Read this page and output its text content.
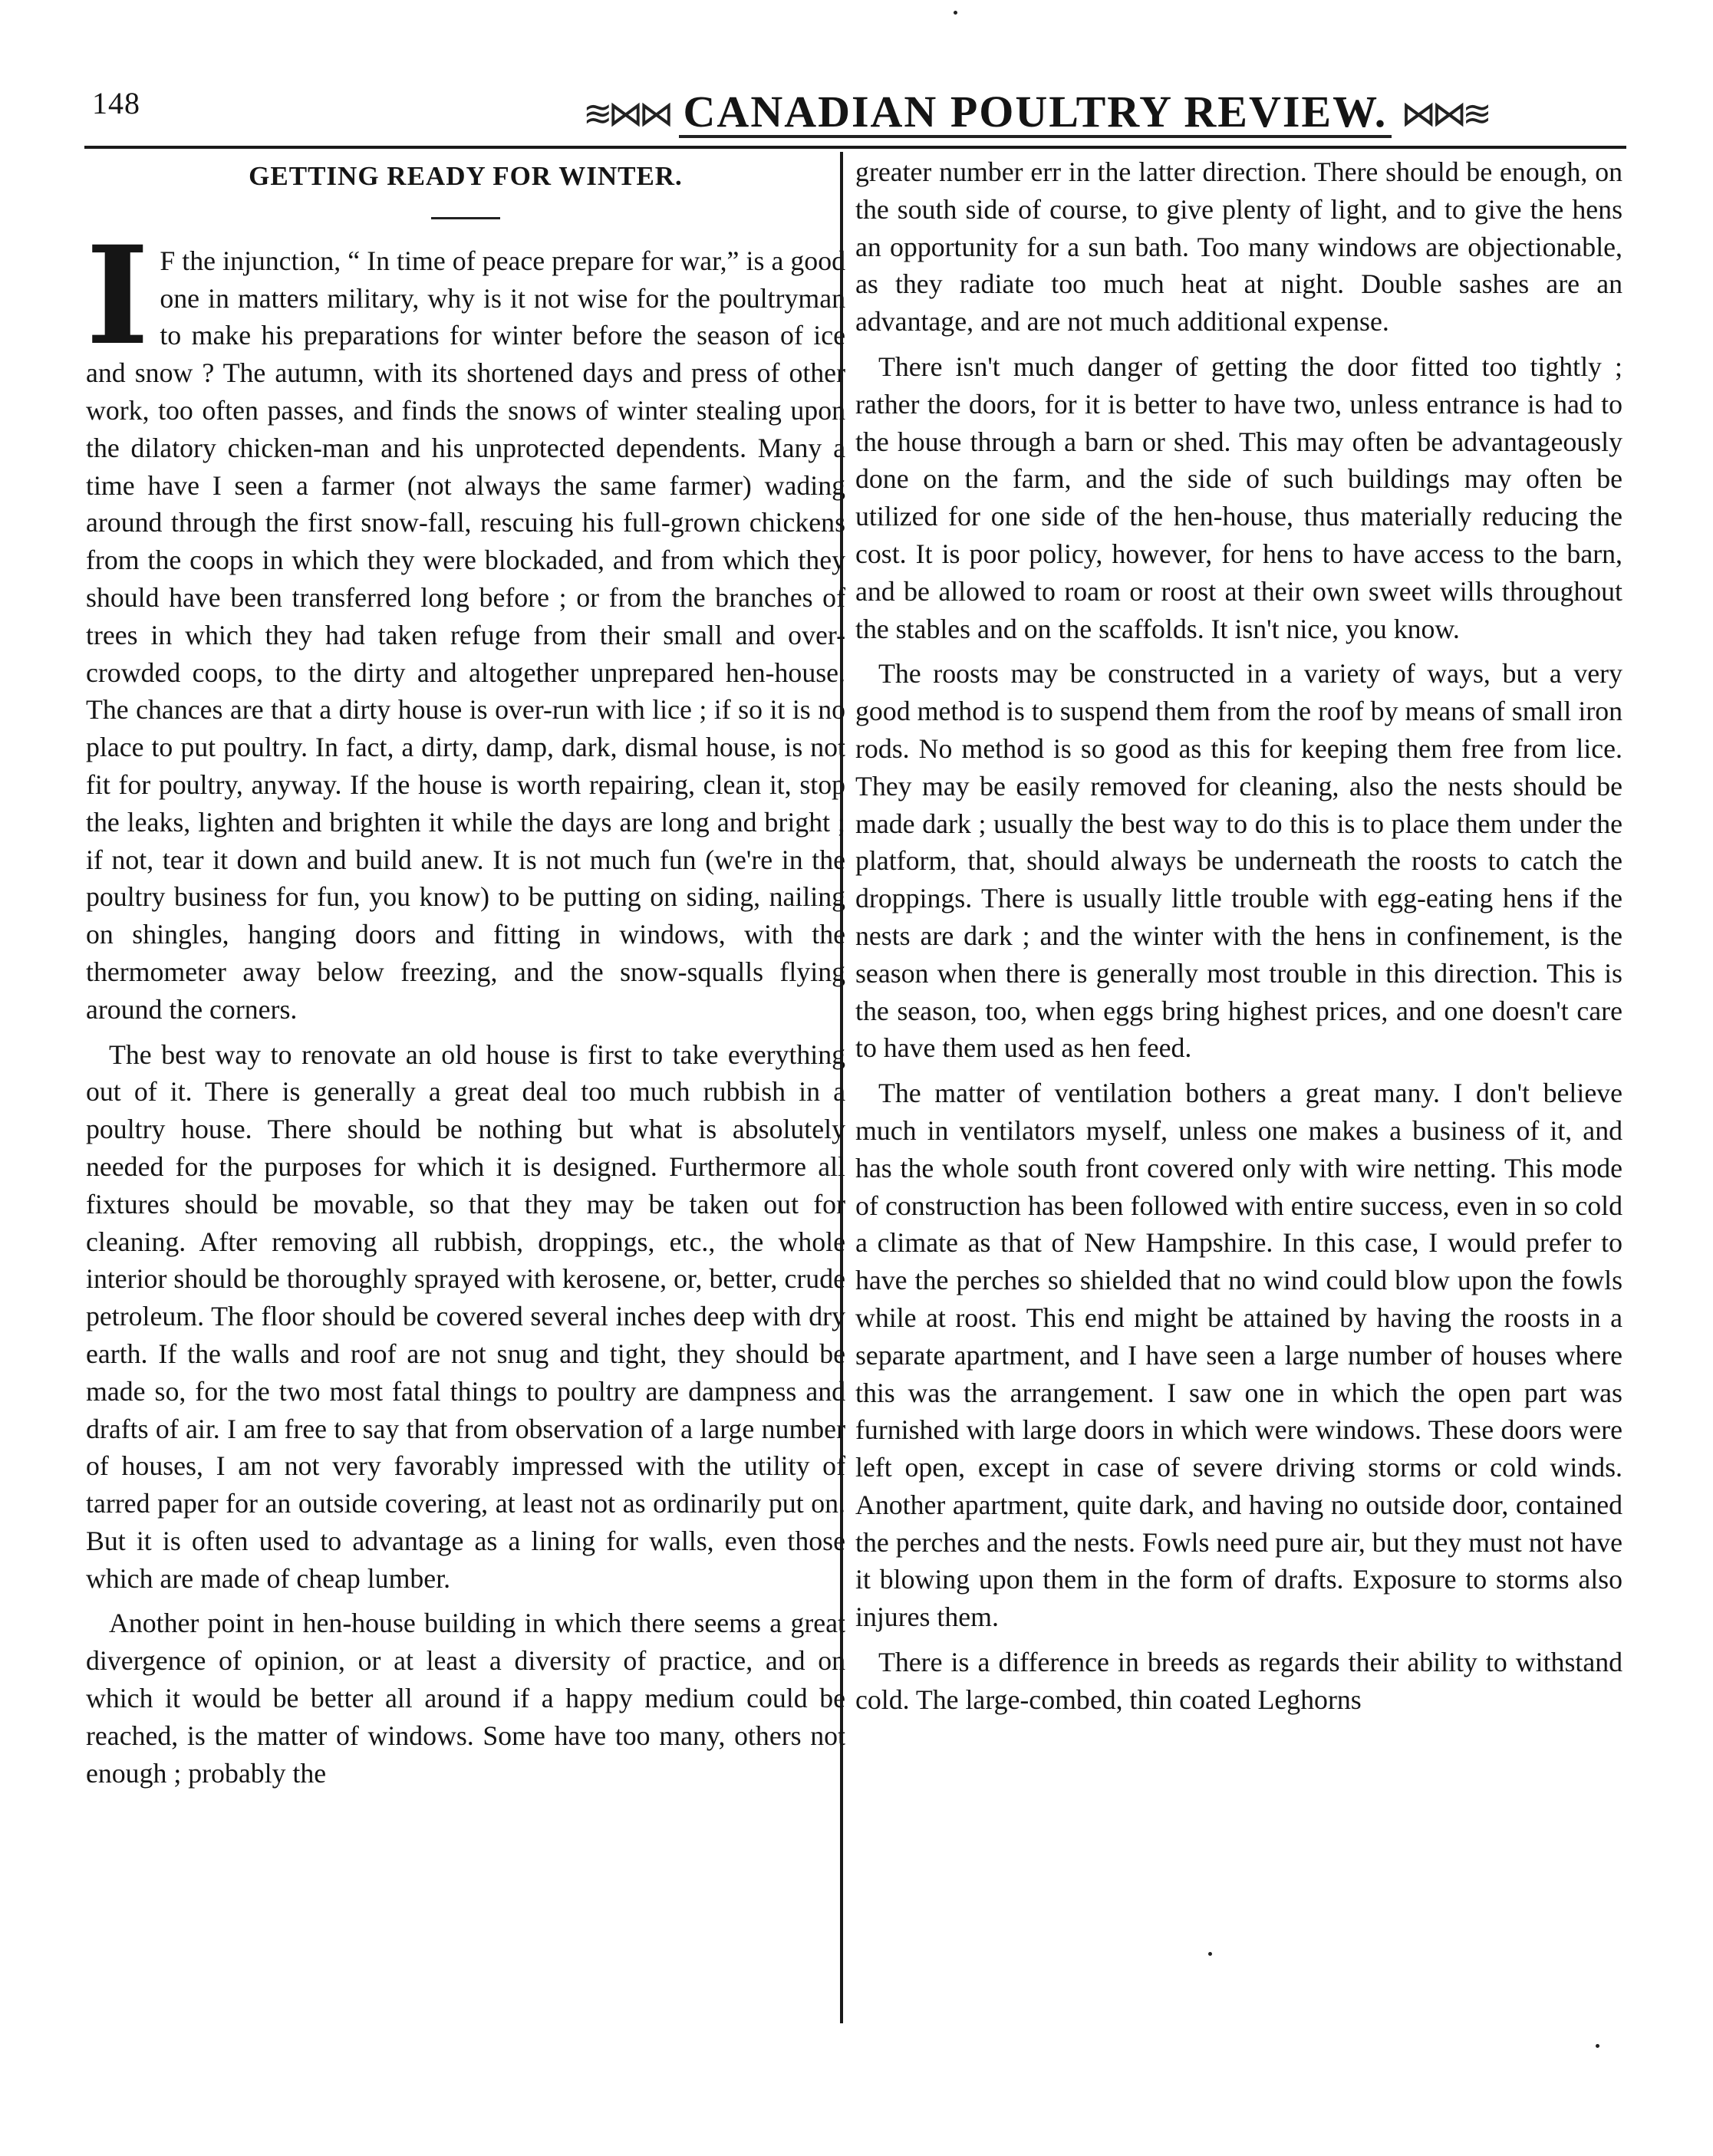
148	≋⋈⋈ CANADIAN POULTRY REVIEW. ⋈⋈≋
GETTING READY FOR WINTER.

I F the injunction, “ In time of peace prepare for war,” is a good one in matters military, why is it not wise for the poultryman to make his preparations for winter before the season of ice and snow ? The autumn, with its shortened days and press of other work, too often passes, and finds the snows of winter stealing upon the dilatory chicken-man and his unprotected dependents. Many a time have I seen a farmer (not always the same farmer) wading around through the first snow-fall, rescuing his full-grown chickens from the coops in which they were blockaded, and from which they should have been transferred long before ; or from the branches of trees in which they had taken refuge from their small and over-crowded coops, to the dirty and altogether unprepared hen-house. The chances are that a dirty house is over-run with lice ; if so it is no place to put poultry. In fact, a dirty, damp, dark, dismal house, is not fit for poultry, anyway. If the house is worth repairing, clean it, stop the leaks, lighten and brighten it while the days are long and bright ; if not, tear it down and build anew. It is not much fun (we're in the poultry business for fun, you know) to be putting on siding, nailing on shingles, hanging doors and fitting in windows, with the thermometer away below freezing, and the snow-squalls flying around the corners.

The best way to renovate an old house is first to take everything out of it. There is generally a great deal too much rubbish in a poultry house. There should be nothing but what is absolutely needed for the purposes for which it is designed. Furthermore all fixtures should be movable, so that they may be taken out for cleaning. After removing all rubbish, droppings, etc., the whole interior should be thoroughly sprayed with kerosene, or, better, crude petroleum. The floor should be covered several inches deep with dry earth. If the walls and roof are not snug and tight, they should be made so, for the two most fatal things to poultry are dampness and drafts of air. I am free to say that from observation of a large number of houses, I am not very favorably impressed with the utility of tarred paper for an outside covering, at least not as ordinarily put on. But it is often used to advantage as a lining for walls, even those which are made of cheap lumber.

Another point in hen-house building in which there seems a great divergence of opinion, or at least a diversity of practice, and on which it would be better all around if a happy medium could be reached, is the matter of windows. Some have too many, others not enough ; probably the

greater number err in the latter direction. There should be enough, on the south side of course, to give plenty of light, and to give the hens an opportunity for a sun bath. Too many windows are objectionable, as they radiate too much heat at night. Double sashes are an advantage, and are not much additional expense.

There isn't much danger of getting the door fitted too tightly ; rather the doors, for it is better to have two, unless entrance is had to the house through a barn or shed. This may often be advantageously done on the farm, and the side of such buildings may often be utilized for one side of the hen-house, thus materially reducing the cost. It is poor policy, however, for hens to have access to the barn, and be allowed to roam or roost at their own sweet wills throughout the stables and on the scaffolds. It isn't nice, you know.

The roosts may be constructed in a variety of ways, but a very good method is to suspend them from the roof by means of small iron rods. No method is so good as this for keeping them free from lice. They may be easily removed for cleaning, also the nests should be made dark ; usually the best way to do this is to place them under the platform, that, should always be underneath the roosts to catch the droppings. There is usually little trouble with egg-eating hens if the nests are dark ; and the winter with the hens in confinement, is the season when there is generally most trouble in this direction. This is the season, too, when eggs bring highest prices, and one doesn't care to have them used as hen feed.

The matter of ventilation bothers a great many. I don't believe much in ventilators myself, unless one makes a business of it, and has the whole south front covered only with wire netting. This mode of construction has been followed with entire success, even in so cold a climate as that of New Hampshire. In this case, I would prefer to have the perches so shielded that no wind could blow upon the fowls while at roost. This end might be attained by having the roosts in a separate apartment, and I have seen a large number of houses where this was the arrangement. I saw one in which the open part was furnished with large doors in which were windows. These doors were left open, except in case of severe driving storms or cold winds. Another apartment, quite dark, and having no outside door, contained the perches and the nests. Fowls need pure air, but they must not have it blowing upon them in the form of drafts. Exposure to storms also injures them.

There is a difference in breeds as regards their ability to withstand cold. The large-combed, thin coated Leghorns
